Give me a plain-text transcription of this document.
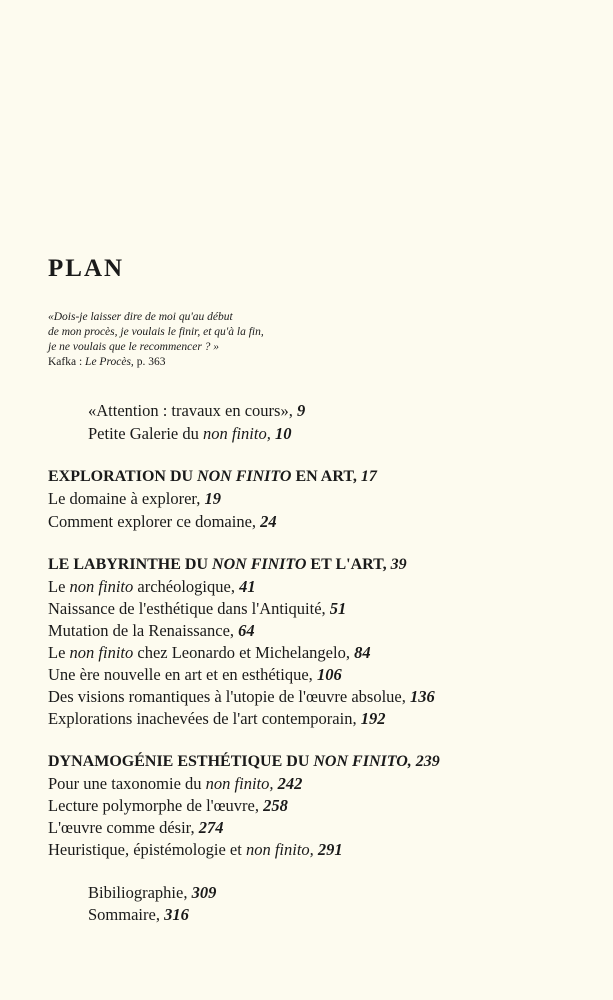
PLAN
«Dois-je laisser dire de moi qu'au début
de mon procès, je voulais le finir, et qu'à la fin,
je ne voulais que le recommencer ? »
Kafka : Le Procès, p. 363
«Attention : travaux en cours», 9
Petite Galerie du non finito, 10
EXPLORATION DU NON FINITO EN ART, 17
Le domaine à explorer, 19
Comment explorer ce domaine, 24
LE LABYRINTHE DU NON FINITO ET L'ART, 39
Le non finito archéologique, 41
Naissance de l'esthétique dans l'Antiquité, 51
Mutation de la Renaissance, 64
Le non finito chez Leonardo et Michelangelo, 84
Une ère nouvelle en art et en esthétique, 106
Des visions romantiques à l'utopie de l'œuvre absolue, 136
Explorations inachevées de l'art contemporain, 192
DYNAMOGÉNIE ESTHÉTIQUE DU NON FINITO, 239
Pour une taxonomie du non finito, 242
Lecture polymorphe de l'œuvre, 258
L'œuvre comme désir, 274
Heuristique, épistémologie et non finito, 291
Bibiliographie, 309
Sommaire, 316
